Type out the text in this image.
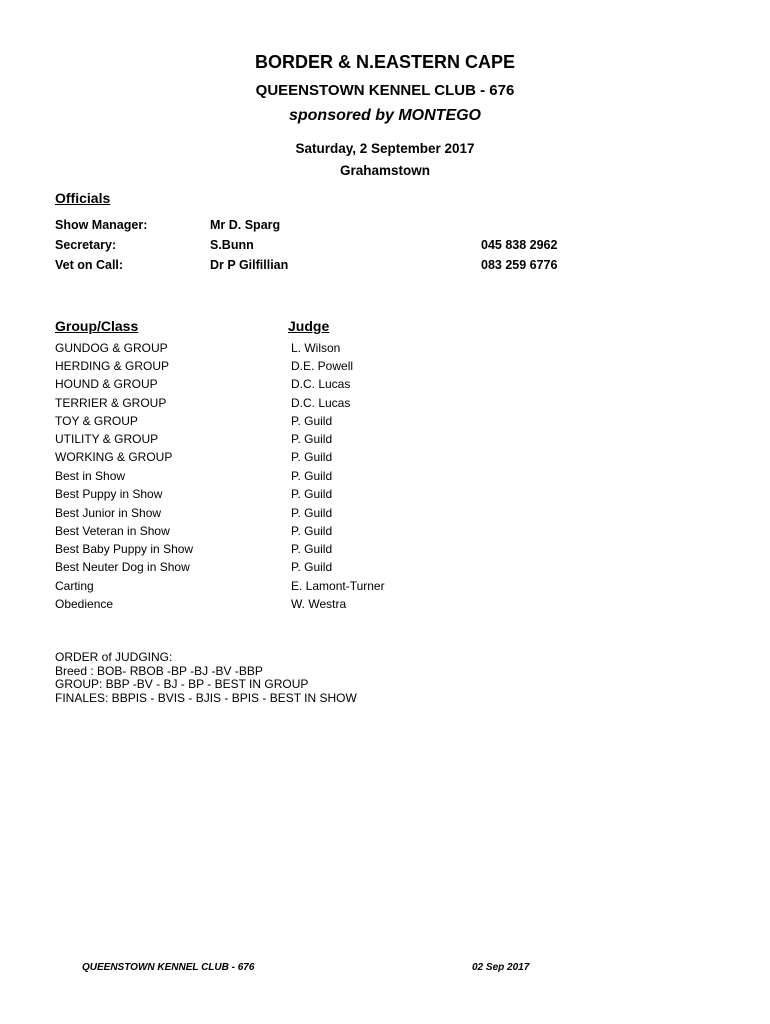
BORDER & N.EASTERN CAPE
QUEENSTOWN KENNEL CLUB - 676
sponsored by MONTEGO
Saturday, 2 September 2017
Grahamstown
Officials
Show Manager:	Mr D. Sparg
Secretary:	S.Bunn	045 838 2962
Vet on Call:	Dr P Gilfillian	083 259 6776
Group/Class	Judge
GUNDOG & GROUP	L. Wilson
HERDING & GROUP	D.E. Powell
HOUND & GROUP	D.C. Lucas
TERRIER & GROUP	D.C. Lucas
TOY & GROUP	P. Guild
UTILITY & GROUP	P. Guild
WORKING & GROUP	P. Guild
Best in Show	P. Guild
Best Puppy in Show	P. Guild
Best Junior in Show	P. Guild
Best Veteran in Show	P. Guild
Best Baby Puppy in Show	P. Guild
Best Neuter Dog in Show	P. Guild
Carting	E. Lamont-Turner
Obedience	W. Westra
ORDER of JUDGING:
Breed : BOB- RBOB -BP -BJ -BV -BBP
GROUP: BBP -BV - BJ - BP - BEST IN GROUP
FINALES: BBPIS - BVIS - BJIS - BPIS - BEST IN SHOW
QUEENSTOWN KENNEL CLUB - 676	02 Sep 2017
